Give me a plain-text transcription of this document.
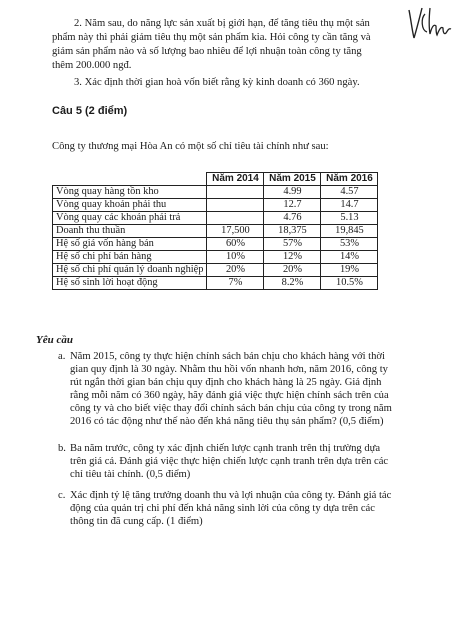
2. Năm sau, do năng lực sản xuất bị giới hạn, để tăng tiêu thụ một sản

phẩm này thì phải giảm tiêu thụ một sản phẩm kia. Hỏi công ty cần tăng và

giảm sản phẩm nào và số lượng bao nhiêu để lợi nhuận toàn công ty tăng

thêm 200.000 ngđ.

3. Xác định thời gian hoà vốn biết rằng kỳ kinh doanh có 360 ngày.

Câu 5 (2 điểm)

Công ty thương mại Hòa An có một số chỉ tiêu tài chính như sau:

	Năm 2014	Năm 2015	Năm 2016
Vòng quay hàng tồn kho		4.99	4.57
Vòng quay khoản phải thu		12.7	14.7
Vòng quay các khoản phải trả		4.76	5.13
Doanh thu thuần	17,500	18,375	19,845
Hệ số giá vốn hàng bán	60%	57%	53%
Hệ số chi phí bán hàng	10%	12%	14%
Hệ số chi phí quản lý doanh nghiệp	20%	20%	19%
Hệ số sinh lời hoạt động	7%	8.2%	10.5%

Yêu cầu

a. Năm 2015, công ty thực hiện chính sách bán chịu cho khách hàng với thời
gian quy định là 30 ngày. Nhằm thu hồi vốn nhanh hơn, năm 2016, công ty
rút ngắn thời gian bán chịu quy định cho khách hàng là 25 ngày. Giả định
rằng mỗi năm có 360 ngày, hãy đánh giá việc thực hiện chính sách trên của
công ty và cho biết việc thay đổi chính sách bán chịu của công ty trong năm
2016 có tác động như thế nào đến khả năng tiêu thụ sản phẩm? (0,5 điểm)
b. Ba năm trước, công ty xác định chiến lược cạnh tranh trên thị trường dựa
trên giá cả. Đánh giá việc thực hiện chiến lược cạnh tranh trên dựa trên các
chỉ tiêu tài chính. (0,5 điểm)
c. Xác định tỷ lệ tăng trưởng doanh thu và lợi nhuận của công ty. Đánh giá tác
động của quản trị chi phí đến khả năng sinh lời của công ty dựa trên các
thông tin đã cung cấp. (1 điểm)
